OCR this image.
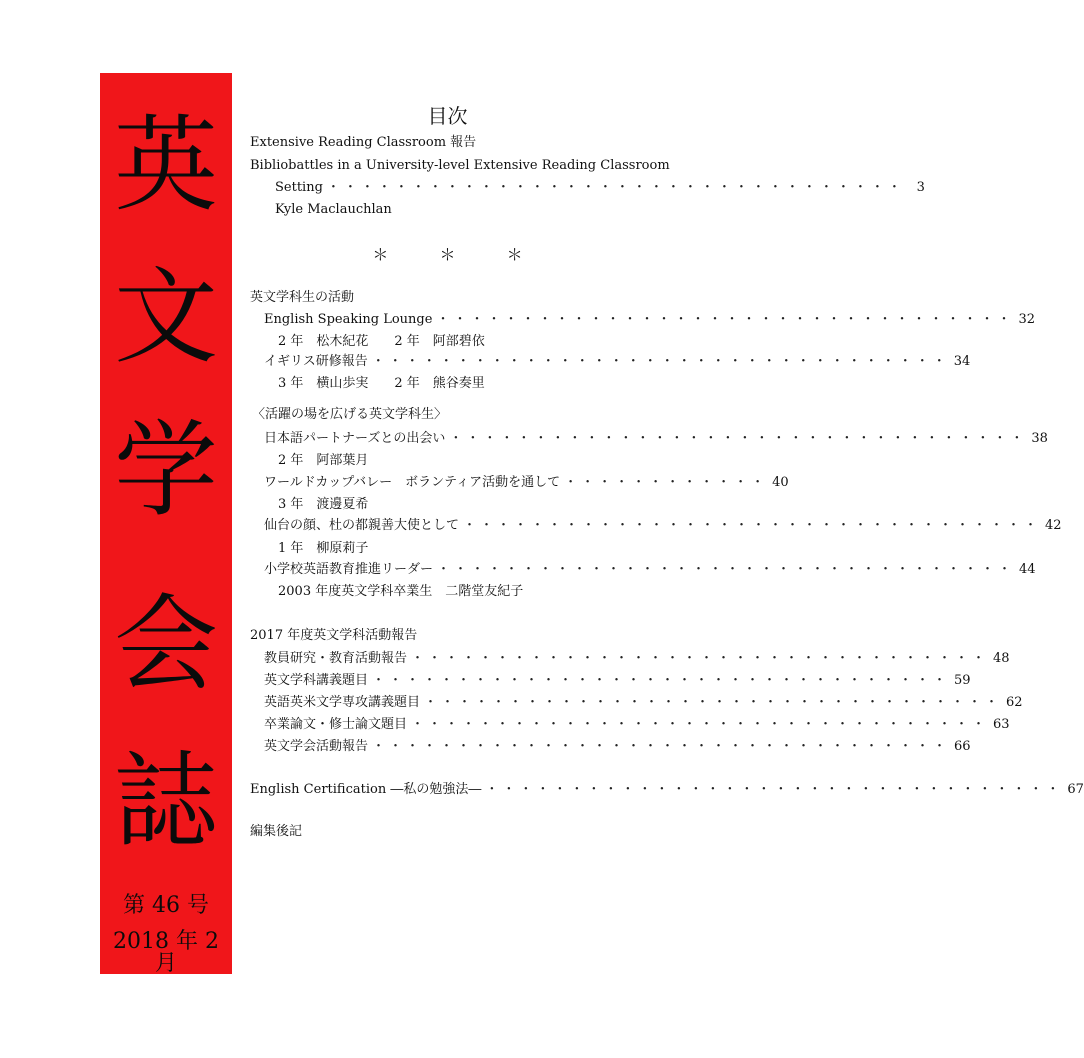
英
文
学
会
誌
第 46 号
2018 年 2 月
目次
Extensive Reading Classroom 報告
Bibliobattles in a University-level Extensive Reading Classroom
Setting ・・・・・・・・・・・・・・・・・・・・・・・・・・・・・・・・・・ 3
Kyle Maclauchlan
＊ ＊ ＊
英文学科生の活動
English Speaking Lounge ・・・・・・・・・・・・・・・・・・・・・・・・・・・・・・・・・・ 32
2 年　松木紀花　　2 年　阿部碧依
イギリス研修報告 ・・・・・・・・・・・・・・・・・・・・・・・・・・・・・・・・・・ 34
3 年　横山歩実　　2 年　熊谷奏里
〈活躍の場を広げる英文学科生〉
日本語パートナーズとの出会い ・・・・・・・・・・・・・・・・・・・・・・・・・・・・・・・・・・ 38
2 年　阿部葉月
ワールドカップバレー　ボランティア活動を通して ・・・・・・・・・・・・ 40
3 年　渡邊夏希
仙台の顔、杜の都親善大使として ・・・・・・・・・・・・・・・・・・・・・・・・・・・・・・・・・・ 42
1 年　柳原莉子
小学校英語教育推進リーダー ・・・・・・・・・・・・・・・・・・・・・・・・・・・・・・・・・・ 44
2003 年度英文学科卒業生　二階堂友紀子
2017 年度英文学科活動報告
教員研究・教育活動報告 ・・・・・・・・・・・・・・・・・・・・・・・・・・・・・・・・・・ 48
英文学科講義題目 ・・・・・・・・・・・・・・・・・・・・・・・・・・・・・・・・・・ 59
英語英米文学専攻講義題目 ・・・・・・・・・・・・・・・・・・・・・・・・・・・・・・・・・・ 62
卒業論文・修士論文題目 ・・・・・・・・・・・・・・・・・・・・・・・・・・・・・・・・・・ 63
英文学会活動報告 ・・・・・・・・・・・・・・・・・・・・・・・・・・・・・・・・・・ 66
English Certification ―私の勉強法― ・・・・・・・・・・・・・・・・・・・・・・・・・・・・・・・・・・ 67
編集後記
